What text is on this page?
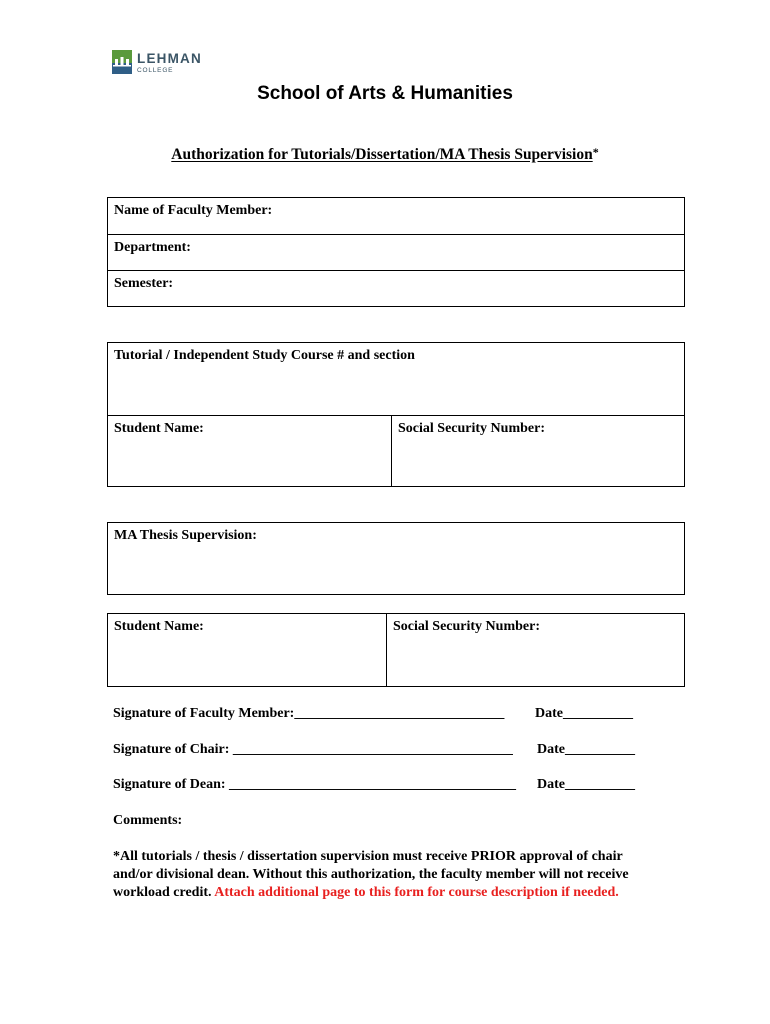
LEHMAN
COLLEGE
School of Arts & Humanities
Authorization for Tutorials/Dissertation/MA Thesis Supervision*
Name of Faculty Member:
Department:
Semester:
Tutorial / Independent Study Course # and section
Student Name:	Social Security Number:
MA Thesis Supervision:
Student Name:	Social Security Number:
Signature of Faculty Member:______________________________ Date__________
Signature of Chair: ________________________________________ Date__________
Signature of Dean: _________________________________________ Date__________
Comments:
*All tutorials / thesis / dissertation supervision must receive PRIOR approval of chair and/or divisional dean. Without this authorization, the faculty member will not receive workload credit. Attach additional page to this form for course description if needed.
